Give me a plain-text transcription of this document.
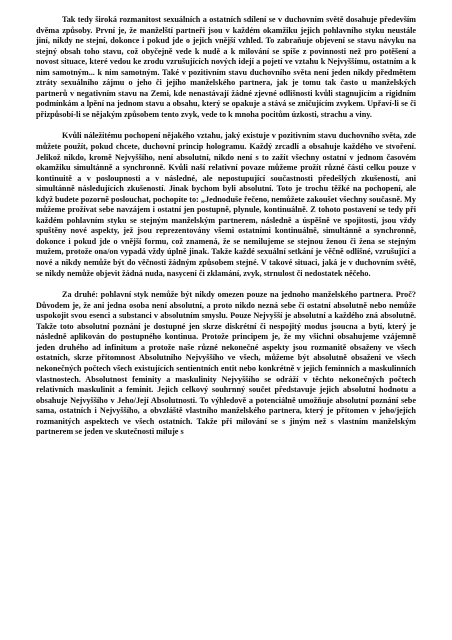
Tak tedy široká rozmanitost sexuálních a ostatních sdílení se v duchovním světě dosahuje především dvěma způsoby. První je, že manželští partneři jsou v každém okamžiku jejich pohlavního styku neustále jiní, nikdy ne stejní, dokonce i pokud jde o jejich vnější vzhled. To zabraňuje objevení se stavu návyku na stejný obsah toho stavu, což obyčejně vede k nudě a k milování se spíše z povinnosti než pro potěšení a novost situace, které vedou ke zrodu vzrušujících nových idejí a pojetí ve vztahu k Nejvyššímu, ostatním a k nim samotným... k nim samotným. Také v pozitivním stavu duchovního světa není jeden nikdy předmětem ztráty sexuálního zájmu o jeho či jejího manželského partnera, jak je tomu tak často u manželských partnerů v negativním stavu na Zemi, kde nenastávají žádné zjevné odlišnosti kvůli stagnujícím a rigidním podmínkám a lpění na jednom stavu a obsahu, který se opakuje a stává se zničujícím zvykem. Upřaví-li se či přizpůsobí-li se nějakým způsobem tento zvyk, vede to k mnoha pocitům úzkosti, strachu a viny.

Kvůli náležitému pochopení nějakého vztahu, jaký existuje v pozitivním stavu duchovního světa, zde můžete použít, pokud chcete, duchovní princip hologramu. Každý zrcadlí a obsahuje každého ve stvoření. Jelikož nikdo, kromě Nejvyššího, není absolutní, nikdo není s to zažít všechny ostatní v jednom časovém okamžiku simultánně a synchronně. Kvůli naší relativní povaze můžeme prožít různé části celku pouze v kontinuitě a v posloupnosti a v následné, ale nepostupující součastnosti předešlých zkušeností, ani simultánně následujících zkušeností. Jinak bychom byli absolutní. Toto je trochu těžké na pochopení, ale když budete pozorně poslouchat, pochopíte to: „Jednoduše řečeno, nemůžete zakoušet všechny současně. My můžeme prožívat sebe navzájem i ostatní jen postupně, plynule, kontinuálně. Z tohoto postavení se tedy při každém pohlavním styku se stejným manželským partnerem, následně a úspěšně ve spojitosti, jsou vždy spuštěny nové aspekty, jež jsou reprezentovány všemi ostatními kontinuálně, simultánně a synchronně, dokonce i pokud jde o vnější formu, což znamená, že se nemilujeme se stejnou ženou či žena se stejným mužem, protože ona/on vypadá vždy úplně jinak. Takže každé sexuální setkání je věčně odlišné, vzrušující a nové a nikdy nemůže být do věčnosti žádným způsobem stejné. V takové situaci, jaká je v duchovním světě, se nikdy nemůže objevit žádná nuda, nasycení či zklamání, zvyk, strnulost či nedostatek něčeho.

Za druhé: pohlavní styk nemůže být nikdy omezen pouze na jednoho manželského partnera. Proč? Důvodem je, že ani jedna osoba není absolutní, a proto nikdo nezná sebe či ostatní absolutně nebo nemůže uspokojit svou esenci a substanci v absolutním smyslu. Pouze Nejvyšší je absolutní a každého zná absolutně. Takže toto absolutní poznání je dostupné jen skrze diskrétní či nespojitý modus jsoucna a bytí, který je následně aplikován do postupného kontinua. Protože principem je, že my všichni obsahujeme vzájemně jeden druhého ad infinitum a protože naše různé nekonečné aspekty jsou rozmanitě obsaženy ve všech ostatních, skrze přítomnost Absolutního Nejvyššího ve všech, můžeme být absolutně obsaženi ve všech nekonečných počtech všech existujících sentientních entit nebo konkrétně v jejich feminních a maskulinních vlastnostech. Absolutnost feminity a maskulinity Nejvyššího se odráží v těchto nekonečných počtech relativních maskulinit a feminit. Jejich celkový souhrnný součet představuje jejich absolutní hodnotu a obsahuje Nejvyššího v Jeho/Její Absolutnosti. To výhledově a potenciálně umožňuje absolutní poznání sebe sama, ostatních i Nejvyššího, a obvzláště vlastního manželského partnera, který je přítomen v jeho/jejích rozmanitých aspektech ve všech ostatních. Takže při milování se s jiným než s vlastním manželským partnerem se jeden ve skutečnosti miluje s
